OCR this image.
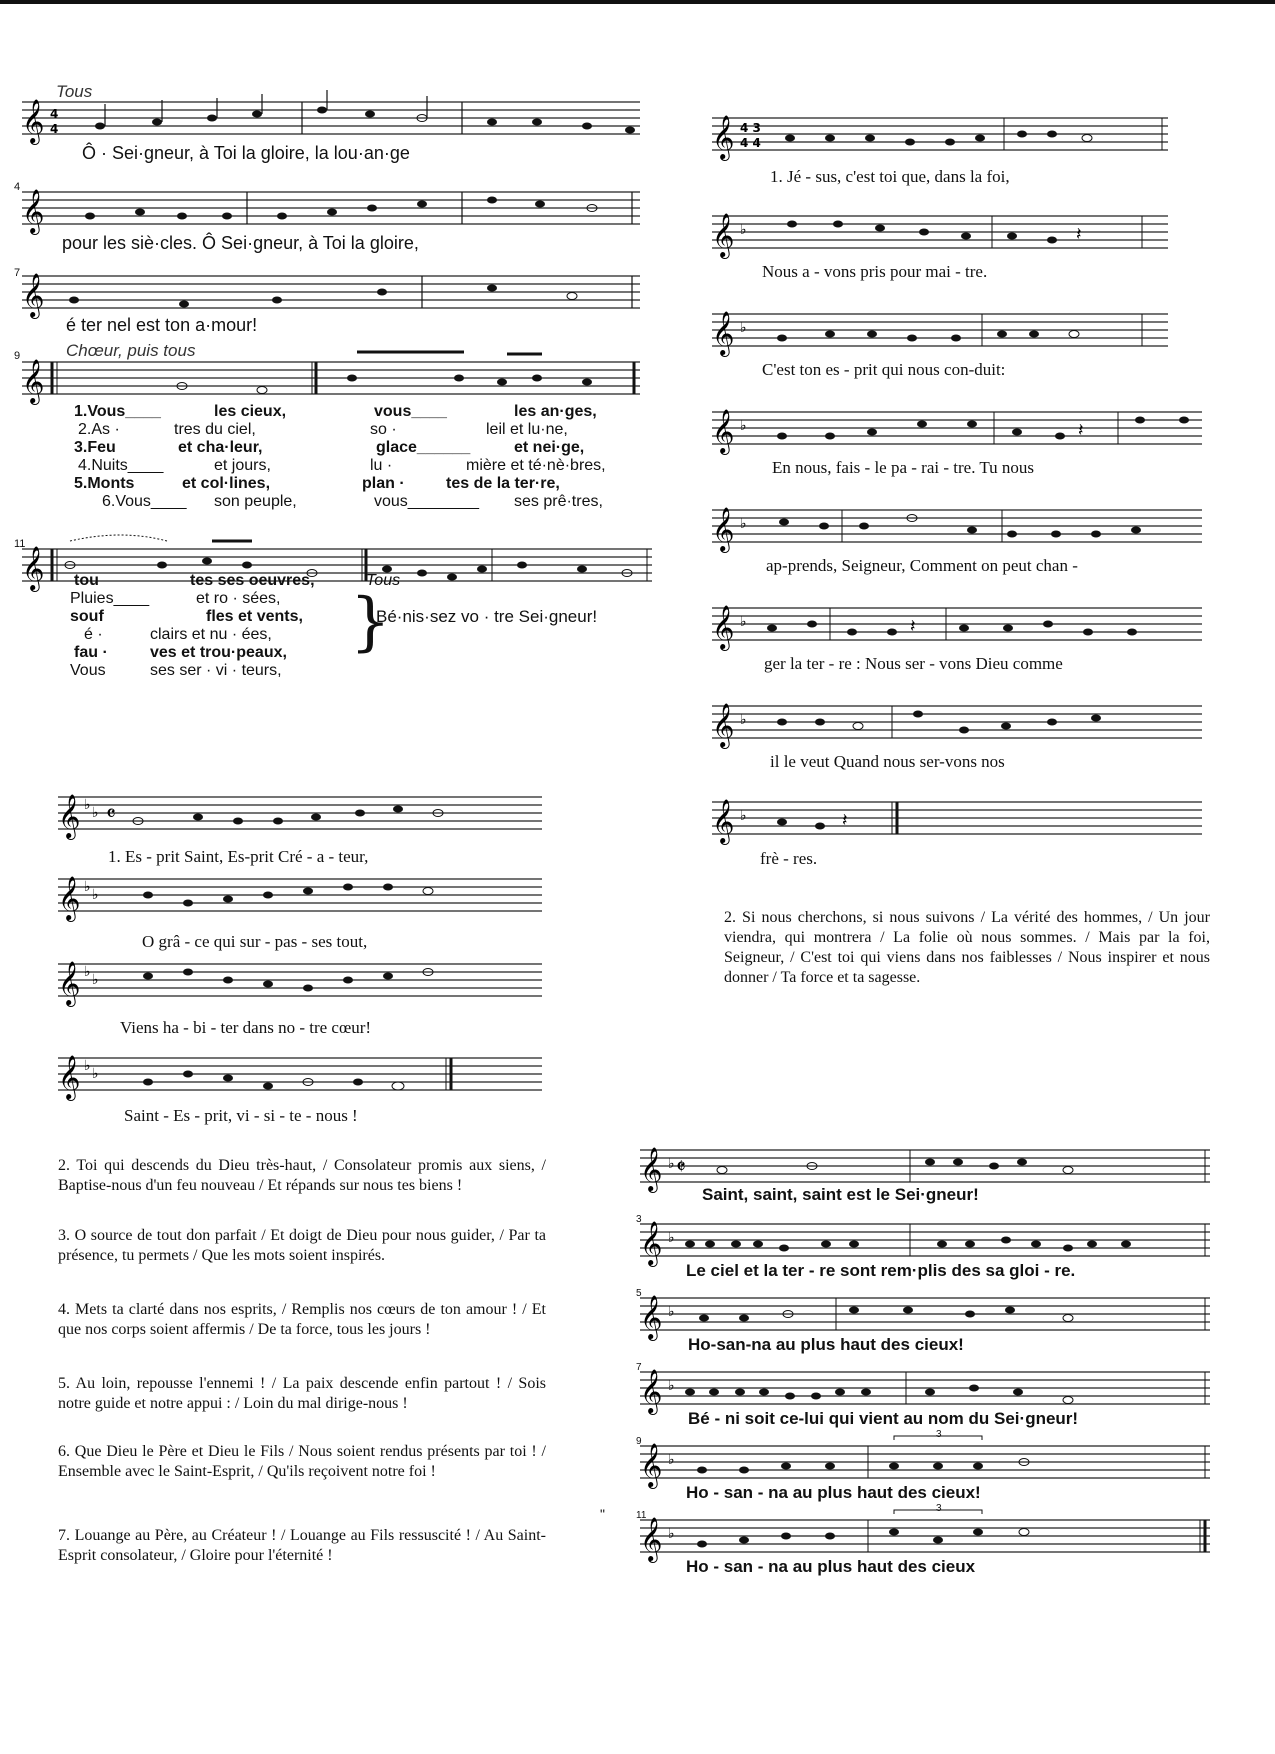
Tous
𝄞 4
4
Ô · Sei·gneur, à Toi la gloire, la lou·an·ge
4
𝄞
pour les siè·cles. Ô Sei·gneur, à Toi la gloire,
7 𝄞
é ter nel est ton a·mour!
9	Chœur, puis tous
𝄞
1.Vous____	les cieux,	vous____	les an·ges,
2.As ·	tres du ciel,	so ·	leil et lu·ne,
3.Feu	et cha·leur,	glace______	et nei·ge,
4.Nuits____	et jours,	lu ·	mière et té·nè·bres,
5.Monts	et col·lines,	plan ·	tes de la ter·re,
6.Vous____ son peuple,	vous________ ses prê·tres,
11
𝄞 tou	tes ses oeuvres,	Tous
Pluies____	et ro · sées,
souf	fles et vents,
é ·	clairs et nu · ées,
fau ·	ves et trou·peaux,
Vous	ses ser · vi · teurs,
}
Bé·nis·sez vo · tre Sei·gneur!
𝄞 ♭ ♭ 𝄴
1. Es - prit Saint, Es-prit Cré - a - teur,
𝄞 ♭ ♭
O grâ - ce qui sur - pas - ses tout,
𝄞 ♭ ♭
Viens ha - bi - ter dans no - tre cœur!
𝄞 ♭ ♭
Saint - Es - prit, vi - si - te - nous !
2. Toi qui descends du Dieu très-haut, / Consolateur promis aux siens, / Baptise-nous d'un feu nouveau / Et répands sur nous tes biens !
3. O source de tout don parfait / Et doigt de Dieu pour nous guider, / Par ta présence, tu permets / Que les mots soient inspirés.
4. Mets ta clarté dans nos esprits, / Remplis nos cœurs de ton amour ! / Et que nos corps soient affermis / De ta force, tous les jours !
5. Au loin, repousse l'ennemi ! / La paix descende enfin partout ! / Sois notre guide et notre appui : / Loin du mal dirige-nous !
6. Que Dieu le Père et Dieu le Fils / Nous soient rendus présents par toi ! / Ensemble avec le Saint-Esprit, / Qu'ils reçoivent notre foi !
7. Louange au Père, au Créateur ! / Louange au Fils ressuscité ! / Au Saint-Esprit consolateur, / Gloire pour l'éternité !
𝄞 4 3
4 4
1. Jé - sus, c'est toi que, dans la foi,
𝄞 ♭	𝄽
Nous a - vons pris pour mai - tre.
𝄞 ♭
C'est ton es - prit qui nous con-duit:
𝄞 ♭	𝄽
En nous, fais - le pa - rai - tre. Tu nous
𝄞 ♭
ap-prends, Seigneur, Comment on peut chan -
𝄞 ♭	𝄽
ger la ter - re : Nous ser - vons Dieu comme
𝄞 ♭
il le veut Quand nous ser-vons nos
𝄞 ♭	𝄽
frè - res.
2. Si nous cherchons, si nous suivons / La vérité des hommes, / Un jour viendra, qui montrera / La folie où nous sommes. / Mais par la foi, Seigneur, / C'est toi qui viens dans nos faiblesses / Nous inspirer et nous donner / Ta force et ta sagesse.
𝄞 ♭ 𝄵
Saint, saint, saint est le Sei·gneur!
3
𝄞 ♭
Le ciel et la ter - re sont rem·plis des sa gloi - re.
5
𝄞 ♭
Ho-san-na au plus haut des cieux!
7
𝄞 ♭
Bé - ni soit ce-lui qui vient au nom du Sei·gneur!
9
𝄞 ♭
3
Ho - san - na au plus haut des cieux!
"	11
𝄞 ♭
3
Ho - san - na au plus haut des cieux
